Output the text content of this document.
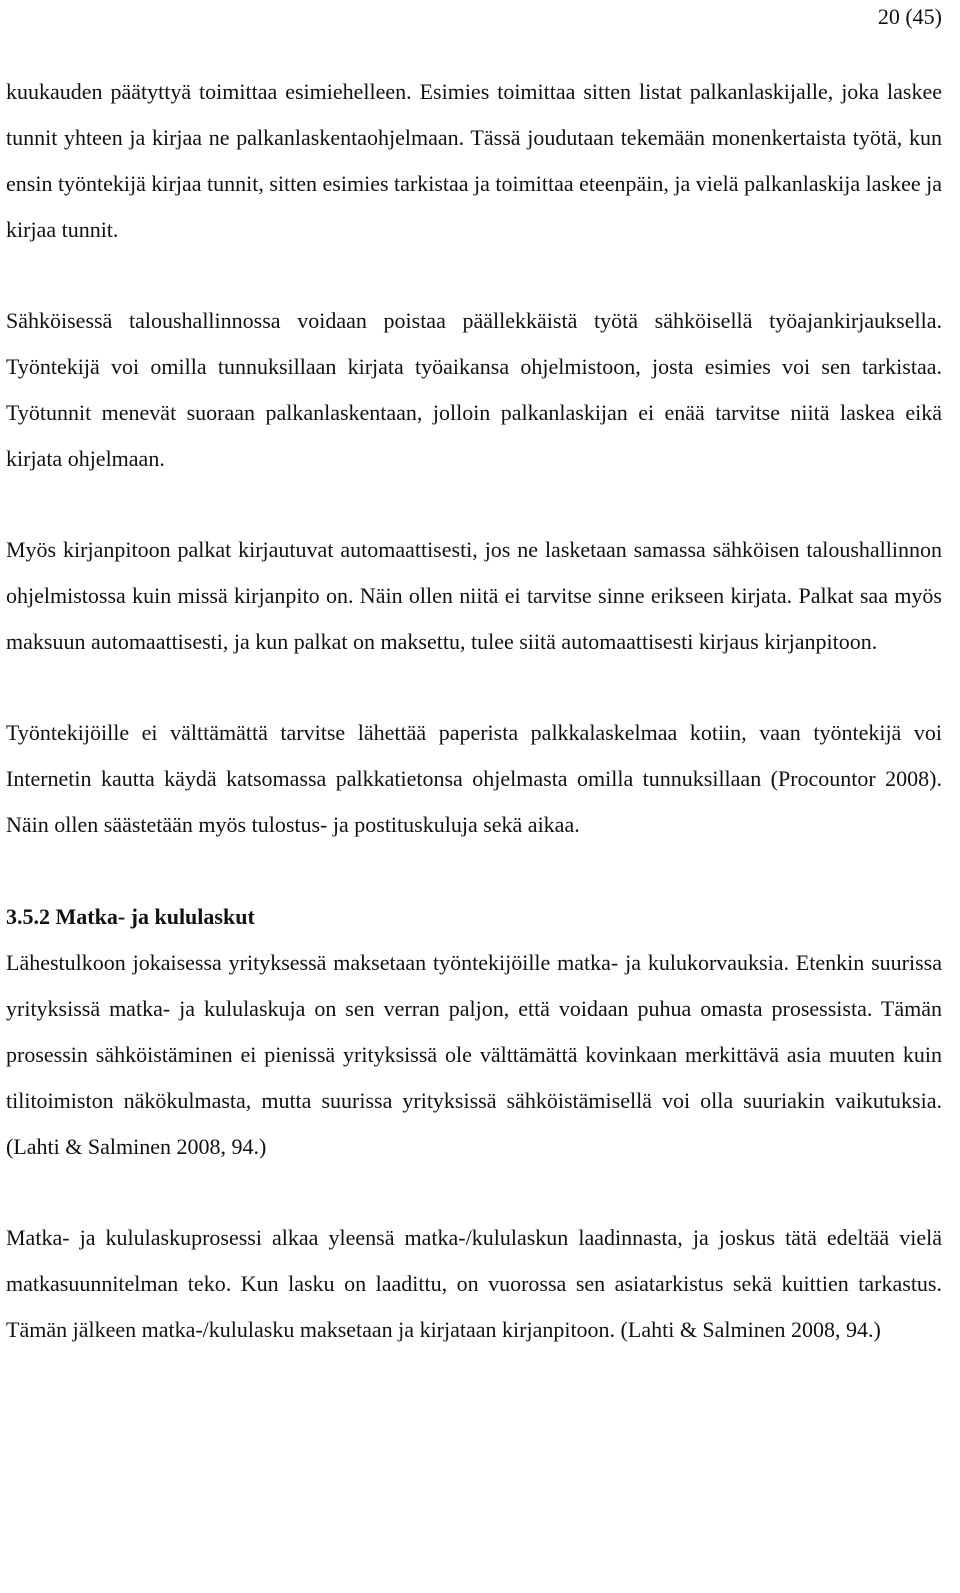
20 (45)

kuukauden päätyttyä toimittaa esimiehelleen. Esimies toimittaa sitten listat palkanlaskijalle, joka laskee tunnit yhteen ja kirjaa ne palkanlaskentaohjelmaan. Tässä joudutaan tekemään monenkertaista työtä, kun ensin työntekijä kirjaa tunnit, sitten esimies tarkistaa ja toimittaa eteenpäin, ja vielä palkanlaskija laskee ja kirjaa tunnit.

Sähköisessä taloushallinnossa voidaan poistaa päällekkäistä työtä sähköisellä työajankirjauksella. Työntekijä voi omilla tunnuksillaan kirjata työaikansa ohjelmistoon, josta esimies voi sen tarkistaa. Työtunnit menevät suoraan palkanlaskentaan, jolloin palkanlaskijan ei enää tarvitse niitä laskea eikä kirjata ohjelmaan.

Myös kirjanpitoon palkat kirjautuvat automaattisesti, jos ne lasketaan samassa sähköisen taloushallinnon ohjelmistossa kuin missä kirjanpito on. Näin ollen niitä ei tarvitse sinne erikseen kirjata. Palkat saa myös maksuun automaattisesti, ja kun palkat on maksettu, tulee siitä automaattisesti kirjaus kirjanpitoon.

Työntekijöille ei välttämättä tarvitse lähettää paperista palkkalaskelmaa kotiin, vaan työntekijä voi Internetin kautta käydä katsomassa palkkatietonsa ohjelmasta omilla tunnuksillaan (Procountor 2008). Näin ollen säästetään myös tulostus- ja postituskuluja sekä aikaa.

3.5.2 Matka- ja kululaskut

Lähestulkoon jokaisessa yrityksessä maksetaan työntekijöille matka- ja kulukorvauksia. Etenkin suurissa yrityksissä matka- ja kululaskuja on sen verran paljon, että voidaan puhua omasta prosessista. Tämän prosessin sähköistäminen ei pienissä yrityksissä ole välttämättä kovinkaan merkittävä asia muuten kuin tilitoimiston näkökulmasta, mutta suurissa yrityksissä sähköistämisellä voi olla suuriakin vaikutuksia. (Lahti & Salminen 2008, 94.)

Matka- ja kululaskuprosessi alkaa yleensä matka-/kululaskun laadinnasta, ja joskus tätä edeltää vielä matkasuunnitelman teko. Kun lasku on laadittu, on vuorossa sen asiatarkistus sekä kuittien tarkastus. Tämän jälkeen matka-/kululasku maksetaan ja kirjataan kirjanpitoon. (Lahti & Salminen 2008, 94.)
